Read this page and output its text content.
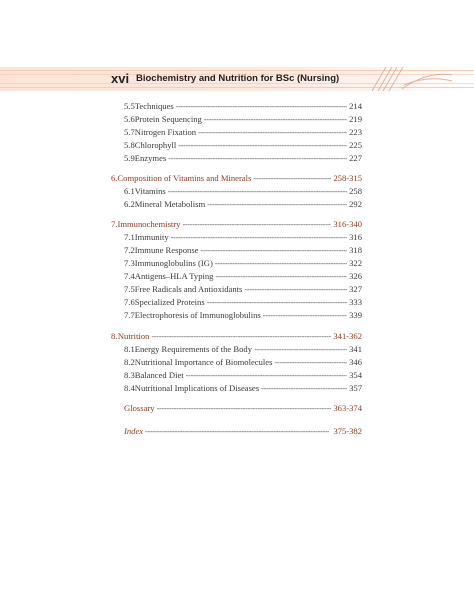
xvi Biochemistry and Nutrition for BSc (Nursing)
5.5 Techniques -----	214
5.6 Protein Sequencing -----	219
5.7 Nitrogen Fixation -----	223
5.8 Chlorophyll -----	225
5.9 Enzymes -----	227
6. Composition of Vitamins and Minerals -----	258-315
6.1 Vitamins -----	258
6.2 Mineral Metabolism -----	292
7. Immunochemistry -----	316-340
7.1 Immunity -----	316
7.2 Immune Response -----	318
7.3 Immunoglobulins (IG) -----	322
7.4 Antigens–HLA Typing -----	326
7.5 Free Radicals and Antioxidants -----	327
7.6 Specialized Proteins -----	333
7.7 Electrophoresis of Immunoglobulins -----	339
8. Nutrition -----	341-362
8.1 Energy Requirements of the Body -----	341
8.2 Nutritional Importance of Biomolecules -----	346
8.3 Balanced Diet -----	354
8.4 Nutritional Implications of Diseases -----	357
Glossary -----	363-374
Index -----	375-382
